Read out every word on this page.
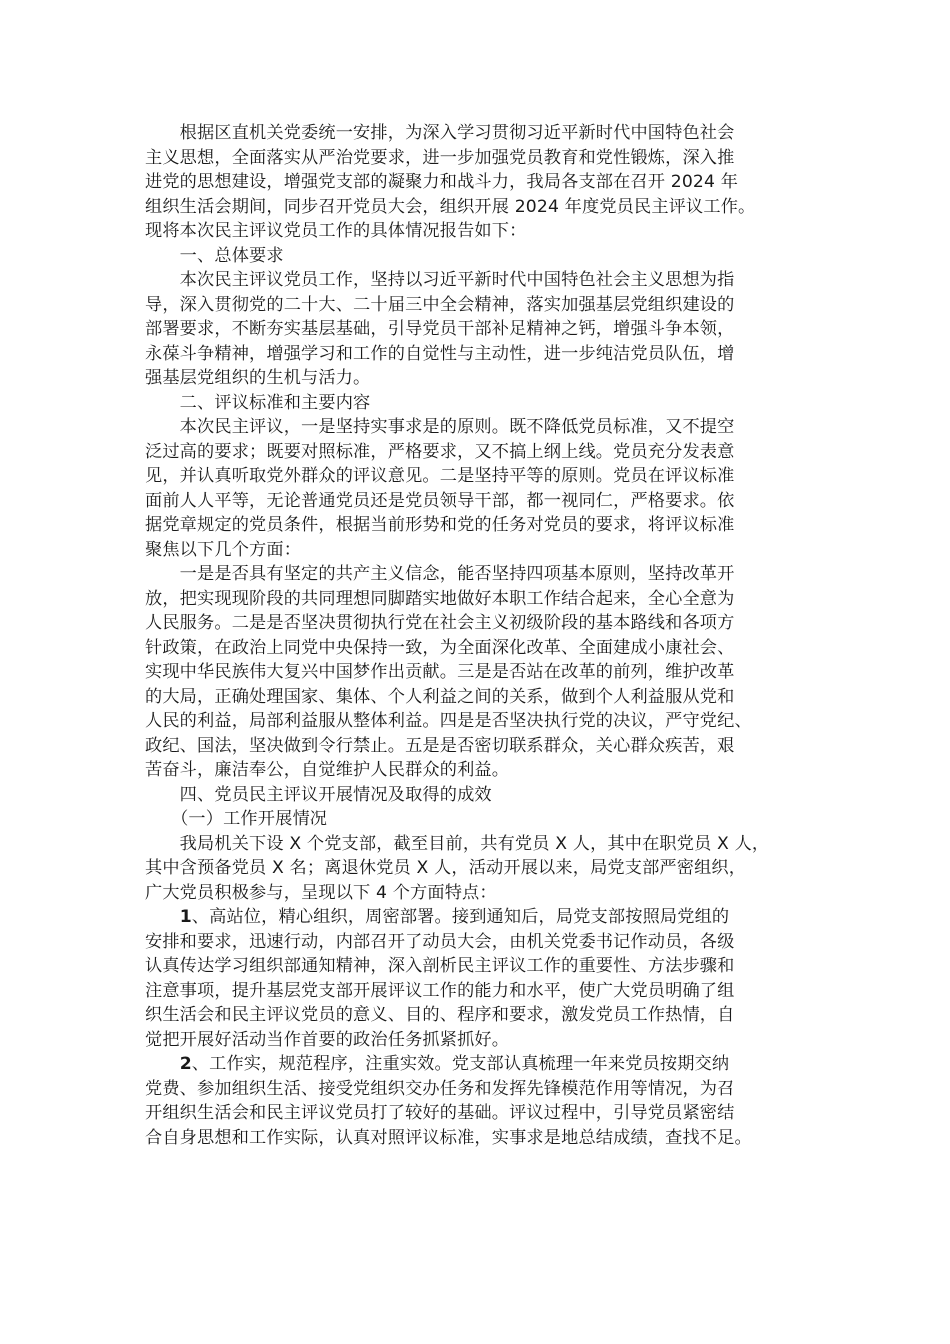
　　根据区直机关党委统一安排，为深入学习贯彻习近平新时代中国特色社会
主义思想，全面落实从严治党要求，进一步加强党员教育和党性锻炼，深入推
进党的思想建设，增强党支部的凝聚力和战斗力，我局各支部在召开 2024 年
组织生活会期间，同步召开党员大会，组织开展 2024 年度党员民主评议工作。
现将本次民主评议党员工作的具体情况报告如下：
　　一、总体要求
　　本次民主评议党员工作，坚持以习近平新时代中国特色社会主义思想为指
导，深入贯彻党的二十大、二十届三中全会精神，落实加强基层党组织建设的
部署要求，不断夯实基层基础，引导党员干部补足精神之钙，增强斗争本领，
永葆斗争精神，增强学习和工作的自觉性与主动性，进一步纯洁党员队伍，增
强基层党组织的生机与活力。
　　二、评议标准和主要内容
　　本次民主评议，一是坚持实事求是的原则。既不降低党员标准，又不提空
泛过高的要求；既要对照标准，严格要求，又不搞上纲上线。党员充分发表意
见，并认真听取党外群众的评议意见。二是坚持平等的原则。党员在评议标准
面前人人平等，无论普通党员还是党员领导干部，都一视同仁，严格要求。依
据党章规定的党员条件，根据当前形势和党的任务对党员的要求，将评议标准
聚焦以下几个方面：
　　一是是否具有坚定的共产主义信念，能否坚持四项基本原则，坚持改革开
放，把实现现阶段的共同理想同脚踏实地做好本职工作结合起来，全心全意为
人民服务。二是是否坚决贯彻执行党在社会主义初级阶段的基本路线和各项方
针政策，在政治上同党中央保持一致，为全面深化改革、全面建成小康社会、
实现中华民族伟大复兴中国梦作出贡献。三是是否站在改革的前列，维护改革
的大局，正确处理国家、集体、个人利益之间的关系，做到个人利益服从党和
人民的利益，局部利益服从整体利益。四是是否坚决执行党的决议，严守党纪、
政纪、国法，坚决做到令行禁止。五是是否密切联系群众，关心群众疾苦，艰
苦奋斗，廉洁奉公，自觉维护人民群众的利益。
　　四、党员民主评议开展情况及取得的成效
　　（一）工作开展情况
　　我局机关下设 X 个党支部，截至目前，共有党员 X 人，其中在职党员 X 人，
其中含预备党员 X 名；离退休党员 X 人，活动开展以来，局党支部严密组织，
广大党员积极参与，呈现以下 4 个方面特点：
　　1、高站位，精心组织，周密部署。接到通知后，局党支部按照局党组的
安排和要求，迅速行动，内部召开了动员大会，由机关党委书记作动员，各级
认真传达学习组织部通知精神，深入剖析民主评议工作的重要性、方法步骤和
注意事项，提升基层党支部开展评议工作的能力和水平，使广大党员明确了组
织生活会和民主评议党员的意义、目的、程序和要求，激发党员工作热情，自
觉把开展好活动当作首要的政治任务抓紧抓好。
　　2、工作实，规范程序，注重实效。党支部认真梳理一年来党员按期交纳
党费、参加组织生活、接受党组织交办任务和发挥先锋模范作用等情况，为召
开组织生活会和民主评议党员打了较好的基础。评议过程中，引导党员紧密结
合自身思想和工作实际，认真对照评议标准，实事求是地总结成绩，查找不足。
